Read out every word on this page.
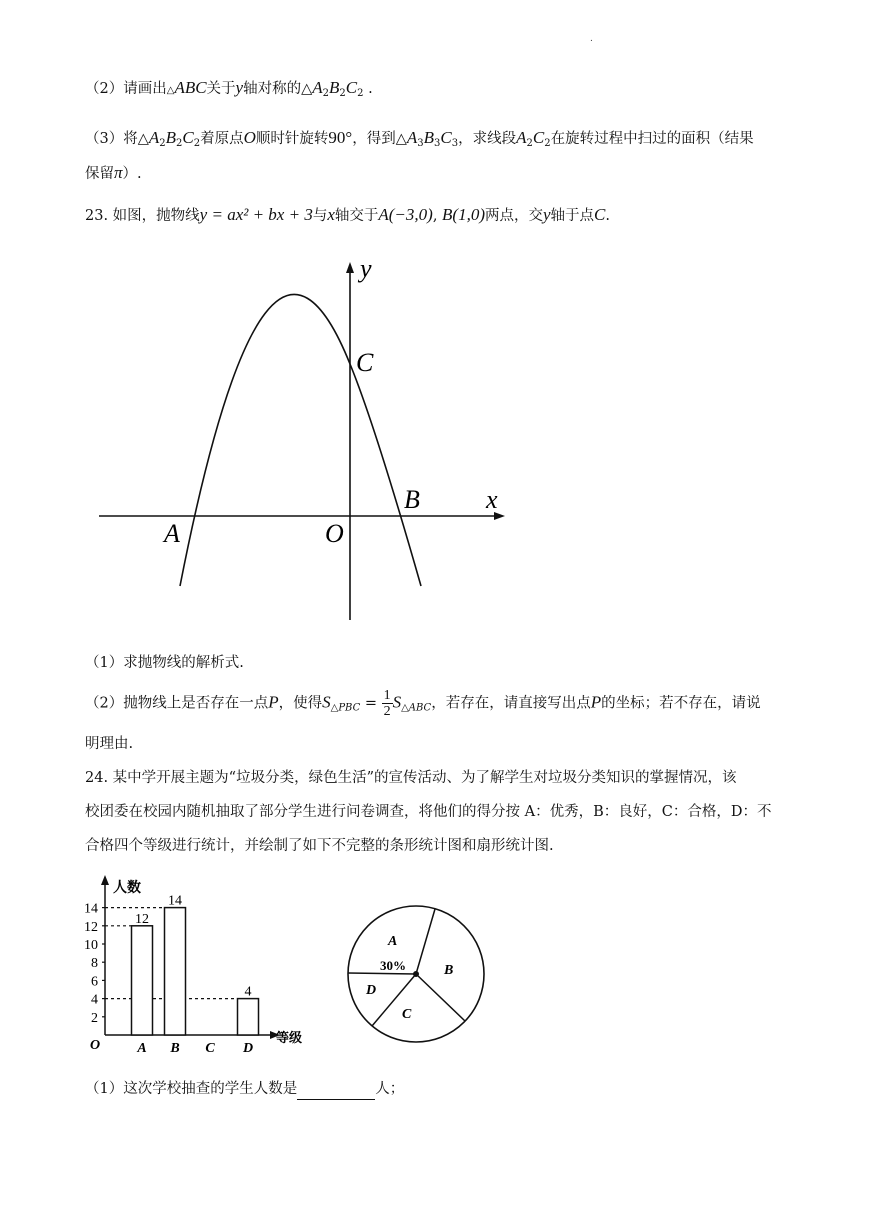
.
（2）请画出△ABC关于y轴对称的$\triangle A_2B_2C_2$ .
（3）将$\triangle A_2B_2C_2$着原点O顺时针旋转90°，得到$\triangle A_3B_3C_3$，求线段$A_2C_2$在旋转过程中扫过的面积（结果
保留π）.
23. 如图，抛物线y = ax² + bx + 3与x轴交于A(−3,0), B(1,0)两点，交y轴于点C.
y
x
C
B
A	O
（1）求抛物线的解析式.
（2）抛物线上是否存在一点P，使得$S_{\triangle PBC} = \frac{1}{2} S_{\triangle ABC}$，若存在，请直接写出点P的坐标；若不存在，请说
明理由.
24. 某中学开展主题为“垃圾分类，绿色生活”的宣传活动、为了解学生对垃圾分类知识的掌握情况，该
校团委在校园内随机抽取了部分学生进行问卷调查，将他们的得分按 A：优秀，B：良好，C：合格，D：不
合格四个等级进行统计，并绘制了如下不完整的条形统计图和扇形统计图.
人数
等级
O
2
4
6
8
10
12
14
A B C D
12
14
4
A
30%	B
C
D
（1）这次学校抽查的学生人数是	人；
